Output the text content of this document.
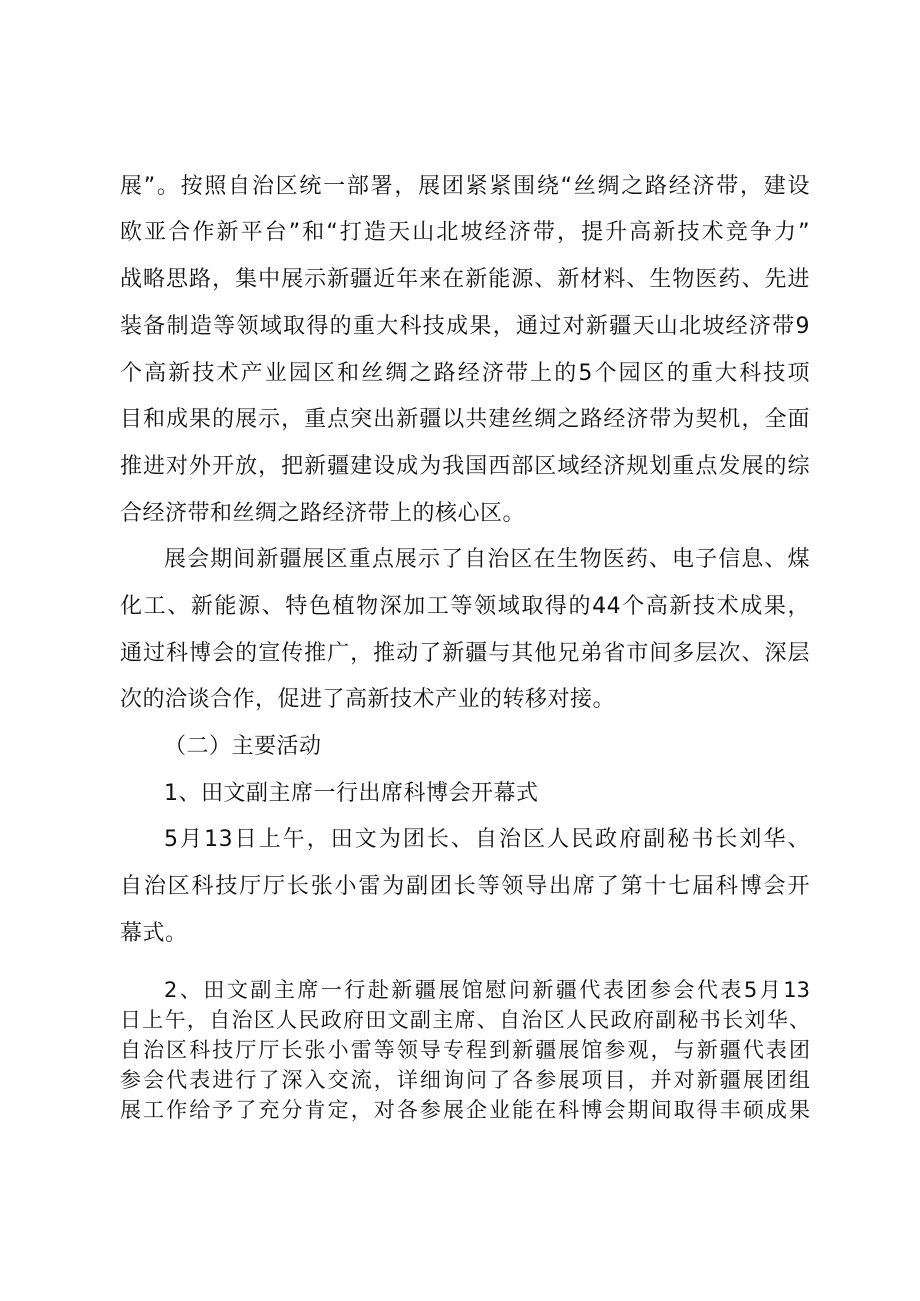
展”。按照自治区统一部署，展团紧紧围绕“丝绸之路经济带，建设
欧亚合作新平台”和“打造天山北坡经济带，提升高新技术竞争力”
战略思路，集中展示新疆近年来在新能源、新材料、生物医药、先进
装备制造等领域取得的重大科技成果，通过对新疆天山北坡经济带9
个高新技术产业园区和丝绸之路经济带上的5个园区的重大科技项
目和成果的展示，重点突出新疆以共建丝绸之路经济带为契机，全面
推进对外开放，把新疆建设成为我国西部区域经济规划重点发展的综
合经济带和丝绸之路经济带上的核心区。
展会期间新疆展区重点展示了自治区在生物医药、电子信息、煤
化工、新能源、特色植物深加工等领域取得的44个高新技术成果，
通过科博会的宣传推广，推动了新疆与其他兄弟省市间多层次、深层
次的洽谈合作，促进了高新技术产业的转移对接。
（二）主要活动
1、田文副主席一行出席科博会开幕式
5月13日上午，田文为团长、自治区人民政府副秘书长刘华、
自治区科技厅厅长张小雷为副团长等领导出席了第十七届科博会开
幕式。
2、田文副主席一行赴新疆展馆慰问新疆代表团参会代表5月13
日上午，自治区人民政府田文副主席、自治区人民政府副秘书长刘华、
自治区科技厅厅长张小雷等领导专程到新疆展馆参观，与新疆代表团
参会代表进行了深入交流，详细询问了各参展项目，并对新疆展团组
展工作给予了充分肯定，对各参展企业能在科博会期间取得丰硕成果
